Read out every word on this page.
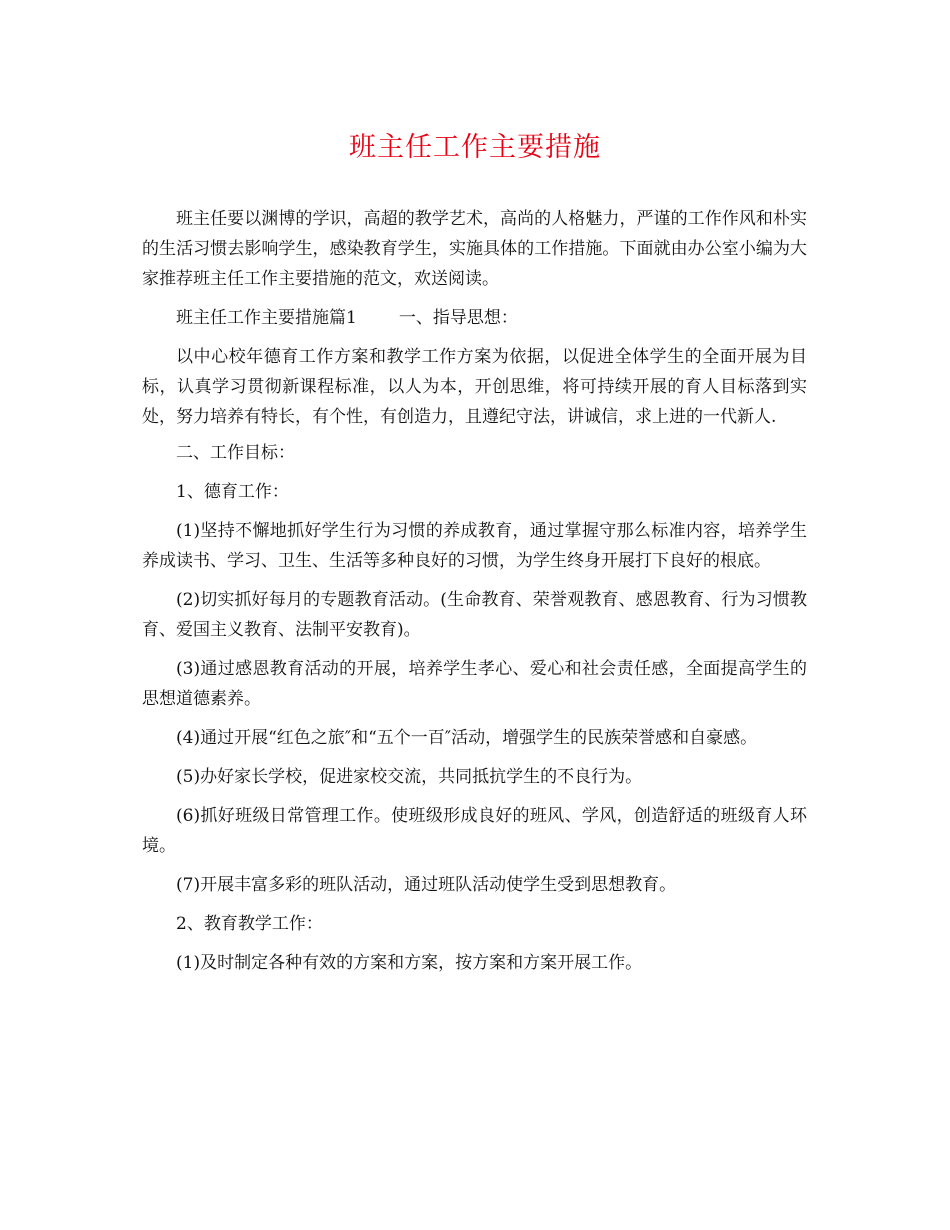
班主任工作主要措施

班主任要以渊博的学识，高超的教学艺术，高尚的人格魅力，严谨的工作作风和朴实的生活习惯去影响学生，感染教育学生，实施具体的工作措施。下面就由办公室小编为大家推荐班主任工作主要措施的范文，欢送阅读。

班主任工作主要措施篇1 一、指导思想：

以中心校年德育工作方案和教学工作方案为依据，以促进全体学生的全面开展为目标，认真学习贯彻新课程标准，以人为本，开创思维，将可持续开展的育人目标落到实处，努力培养有特长，有个性，有创造力，且遵纪守法，讲诚信，求上进的一代新人.

二、工作目标：

1、德育工作：

(1)坚持不懈地抓好学生行为习惯的养成教育，通过掌握守那么标准内容，培养学生养成读书、学习、卫生、生活等多种良好的习惯，为学生终身开展打下良好的根底。

(2)切实抓好每月的专题教育活动。(生命教育、荣誉观教育、感恩教育、行为习惯教育、爱国主义教育、法制平安教育)。

(3)通过感恩教育活动的开展，培养学生孝心、爱心和社会责任感，全面提高学生的思想道德素养。

(4)通过开展“红色之旅″和“五个一百″活动，增强学生的民族荣誉感和自豪感。

(5)办好家长学校，促进家校交流，共同抵抗学生的不良行为。

(6)抓好班级日常管理工作。使班级形成良好的班风、学风，创造舒适的班级育人环境。

(7)开展丰富多彩的班队活动，通过班队活动使学生受到思想教育。

2、教育教学工作：

(1)及时制定各种有效的方案和方案，按方案和方案开展工作。
